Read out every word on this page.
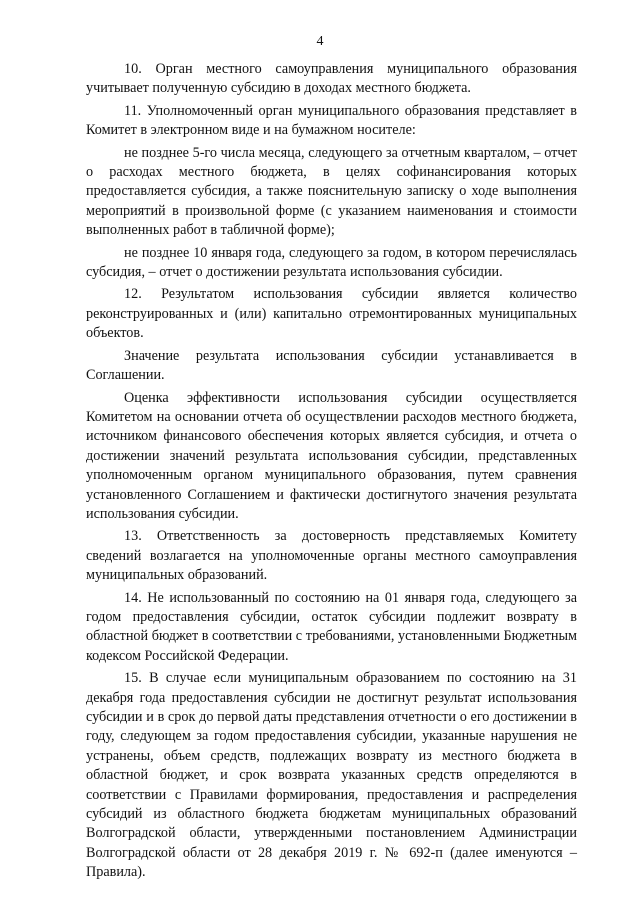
4

10. Орган местного самоуправления муниципального образования учитывает полученную субсидию в доходах местного бюджета.

11. Уполномоченный орган муниципального образования представляет в Комитет в электронном виде и на бумажном носителе:

не позднее 5-го числа месяца, следующего за отчетным кварталом, – отчет о расходах местного бюджета, в целях софинансирования которых предоставляется субсидия, а также пояснительную записку о ходе выполнения мероприятий в произвольной форме (с указанием наименования и стоимости выполненных работ в табличной форме);

не позднее 10 января года, следующего за годом, в котором перечислялась субсидия, – отчет о достижении результата использования субсидии.

12. Результатом использования субсидии является количество реконструированных и (или) капитально отремонтированных муниципальных объектов.

Значение результата использования субсидии устанавливается в Соглашении.

Оценка эффективности использования субсидии осуществляется Комитетом на основании отчета об осуществлении расходов местного бюджета, источником финансового обеспечения которых является субсидия, и отчета о достижении значений результата использования субсидии, представленных уполномоченным органом муниципального образования, путем сравнения установленного Соглашением и фактически достигнутого значения результата использования субсидии.

13. Ответственность за достоверность представляемых Комитету сведений возлагается на уполномоченные органы местного самоуправления муниципальных образований.

14. Не использованный по состоянию на 01 января года, следующего за годом предоставления субсидии, остаток субсидии подлежит возврату в областной бюджет в соответствии с требованиями, установленными Бюджетным кодексом Российской Федерации.

15. В случае если муниципальным образованием по состоянию на 31 декабря года предоставления субсидии не достигнут результат использования субсидии и в срок до первой даты представления отчетности о его достижении в году, следующем за годом предоставления субсидии, указанные нарушения не устранены, объем средств, подлежащих возврату из местного бюджета в областной бюджет, и срок возврата указанных средств определяются в соответствии с Правилами формирования, предоставления и распределения субсидий из областного бюджета бюджетам муниципальных образований Волгоградской области, утвержденными постановлением Администрации Волгоградской области от 28 декабря 2019 г. № 692-п (далее именуются – Правила).
